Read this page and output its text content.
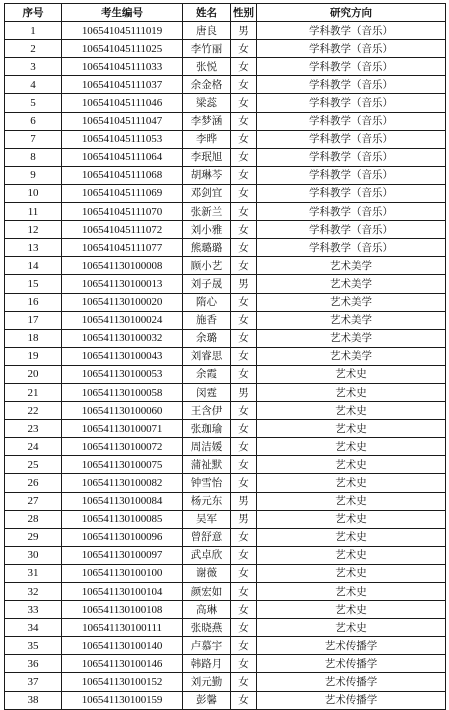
序号	考生编号	姓名	性别	研究方向
1	106541045111019	唐良	男	学科教学（音乐）
2	106541045111025	李竹丽	女	学科教学（音乐）
3	106541045111033	张悦	女	学科教学（音乐）
4	106541045111037	余金格	女	学科教学（音乐）
5	106541045111046	梁蕊	女	学科教学（音乐）
6	106541045111047	李梦涵	女	学科教学（音乐）
7	106541045111053	李晔	女	学科教学（音乐）
8	106541045111064	李珉旭	女	学科教学（音乐）
9	106541045111068	胡琳芩	女	学科教学（音乐）
10	106541045111069	邓剑宜	女	学科教学（音乐）
11	106541045111070	张新兰	女	学科教学（音乐）
12	106541045111072	刘小雅	女	学科教学（音乐）
13	106541045111077	熊璐璐	女	学科教学（音乐）
14	106541130100008	顾小艺	女	艺术美学
15	106541130100013	刘子晟	男	艺术美学
16	106541130100020	隋心	女	艺术美学
17	106541130100024	施香	女	艺术美学
18	106541130100032	余璐	女	艺术美学
19	106541130100043	刘睿思	女	艺术美学
20	106541130100053	余霞	女	艺术史
21	106541130100058	闵霆	男	艺术史
22	106541130100060	王含伊	女	艺术史
23	106541130100071	张珈瑜	女	艺术史
24	106541130100072	周洁媛	女	艺术史
25	106541130100075	蒲祉默	女	艺术史
26	106541130100082	钟雪怡	女	艺术史
27	106541130100084	杨元东	男	艺术史
28	106541130100085	吴军	男	艺术史
29	106541130100096	曾舒意	女	艺术史
30	106541130100097	武卓欣	女	艺术史
31	106541130100100	谢薇	女	艺术史
32	106541130100104	颜宏如	女	艺术史
33	106541130100108	高琳	女	艺术史
34	106541130100111	张晓燕	女	艺术史
35	106541130100140	卢慕宇	女	艺术传播学
36	106541130100146	韩路月	女	艺术传播学
37	106541130100152	刘元勤	女	艺术传播学
38	106541130100159	彭馨	女	艺术传播学
